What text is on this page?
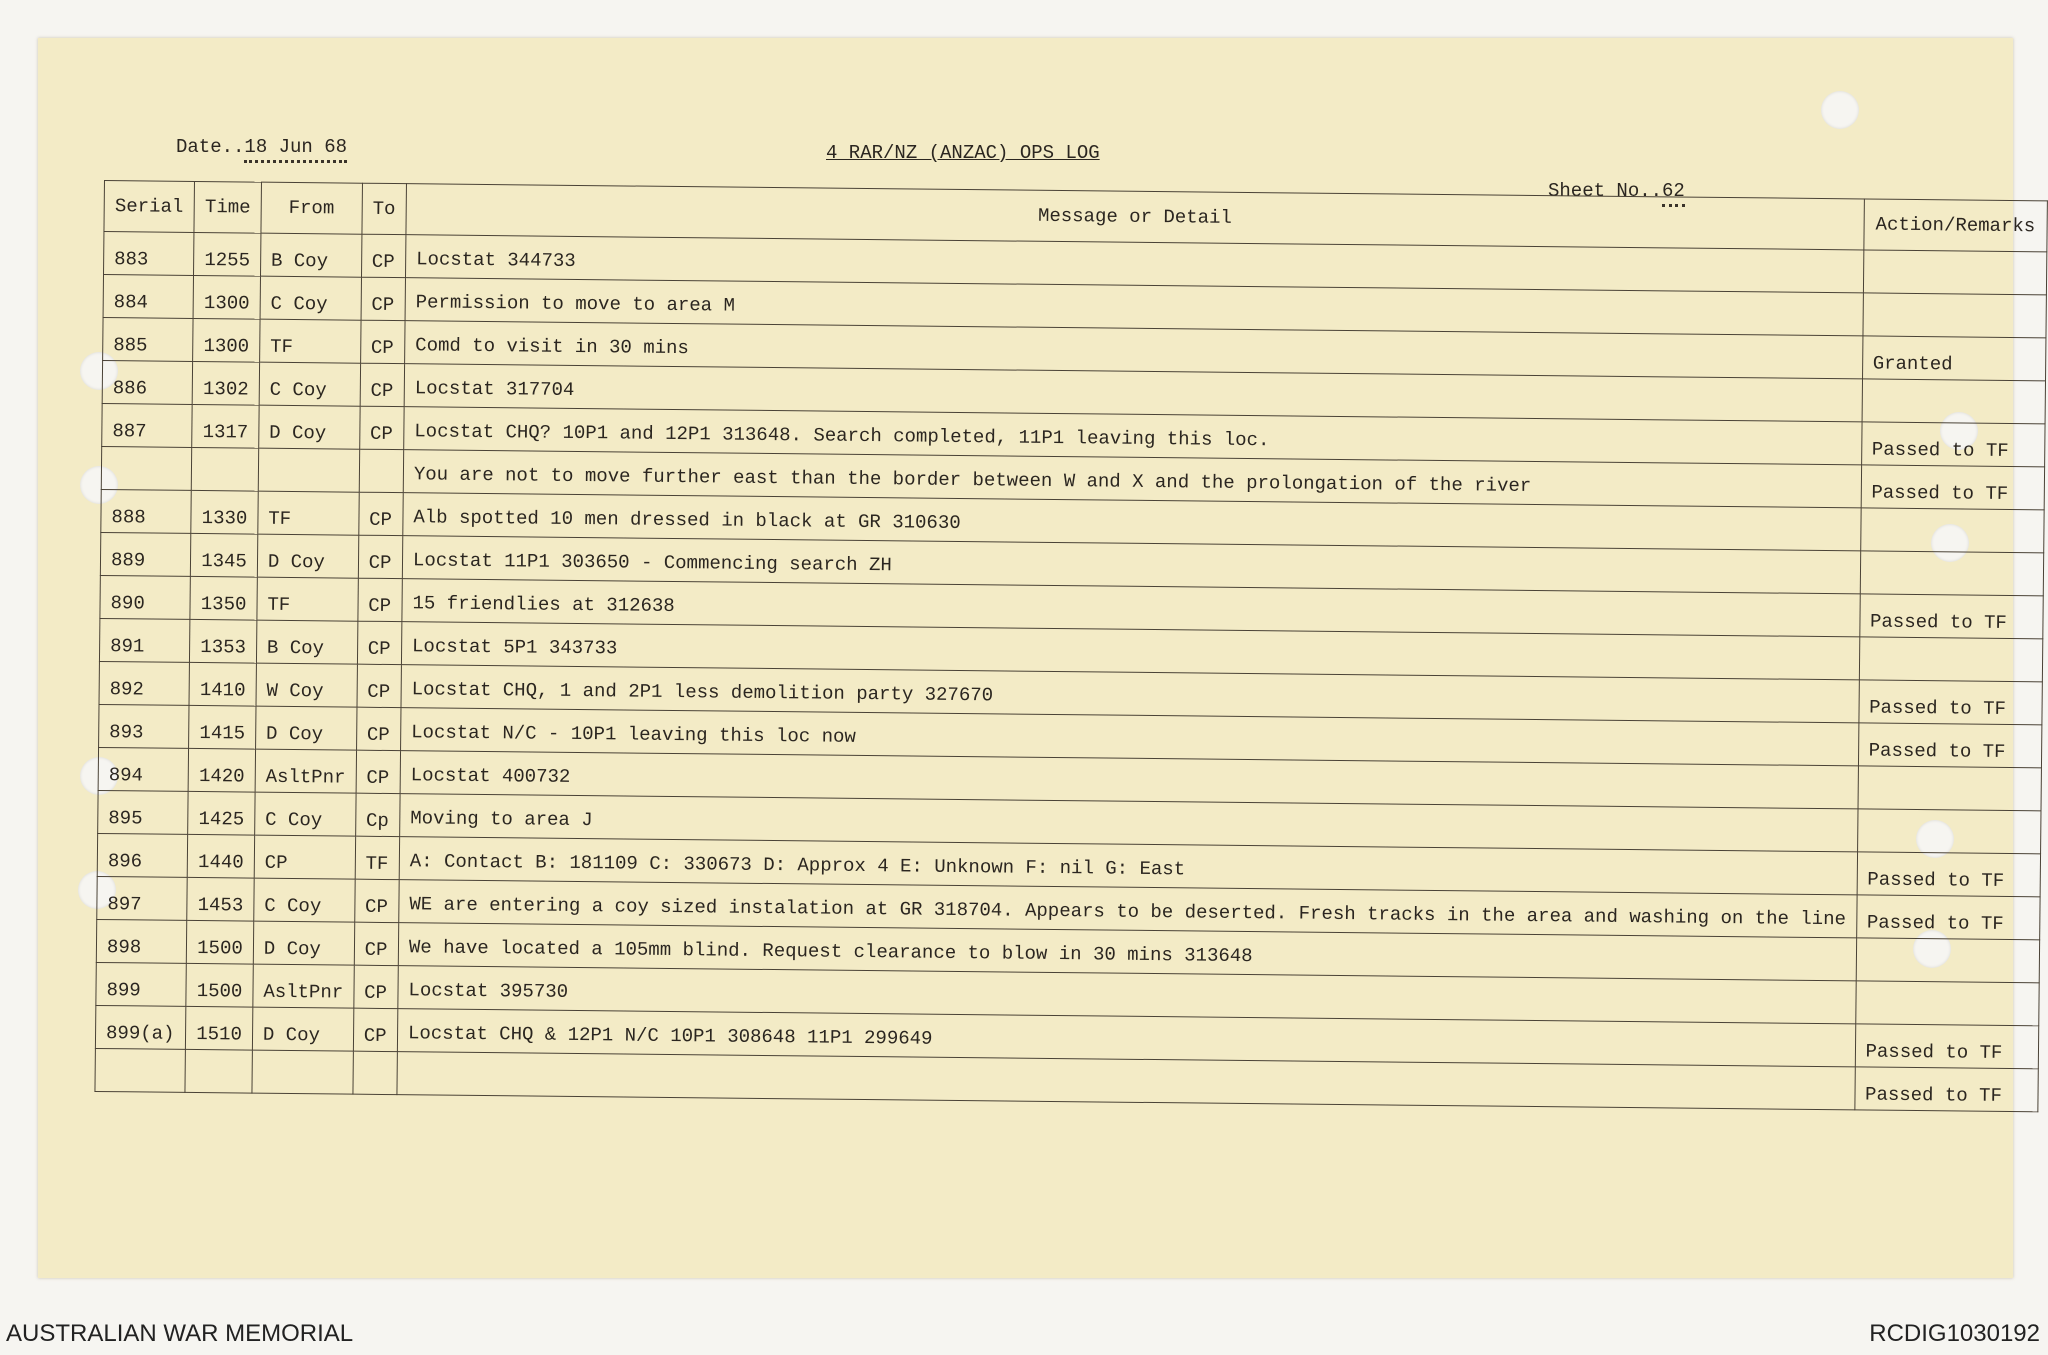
Date..18 Jun 68	4 RAR/NZ (ANZAC) OPS LOG
Sheet No..62
Serial	Time	From	To	Message or Detail	Action/Remarks
883	1255	B Coy	CP	Locstat 344733	
884	1300	C Coy	CP	Permission to move to area M	
885	1300	TF	CP	Comd to visit in 30 mins	Granted
886	1302	C Coy	CP	Locstat 317704	
887	1317	D Coy	CP	Locstat CHQ? 10P1 and 12P1 313648. Search completed, 11P1 leaving this loc.	Passed to TF
				You are not to move further east than the border between W and X and the prolongation of the river	Passed to TF
888	1330	TF	CP	Alb spotted 10 men dressed in black at GR 310630	
889	1345	D Coy	CP	Locstat 11P1 303650 - Commencing search ZH	
890	1350	TF	CP	15 friendlies at 312638	Passed to TF
891	1353	B Coy	CP	Locstat 5P1 343733	
892	1410	W Coy	CP	Locstat CHQ, 1 and 2P1 less demolition party 327670	Passed to TF
893	1415	D Coy	CP	Locstat N/C - 10P1 leaving this loc now	Passed to TF
894	1420	AsltPnr	CP	Locstat 400732	
895	1425	C Coy	Cp	Moving to area J	
896	1440	CP	TF	A: Contact B: 181109 C: 330673 D: Approx 4 E: Unknown F: nil G: East	Passed to TF
897	1453	C Coy	CP	WE are entering a coy sized instalation at GR 318704. Appears to be deserted. Fresh tracks in the area and washing on the line	Passed to TF
898	1500	D Coy	CP	We have located a 105mm blind. Request clearance to blow in 30 mins 313648	
899	1500	AsltPnr	CP	Locstat 395730	
899(a)	1510	D Coy	CP	Locstat CHQ & 12P1 N/C 10P1 308648 11P1 299649	Passed to TF
					Passed to TF
AUSTRALIAN WAR MEMORIAL	RCDIG1030192
